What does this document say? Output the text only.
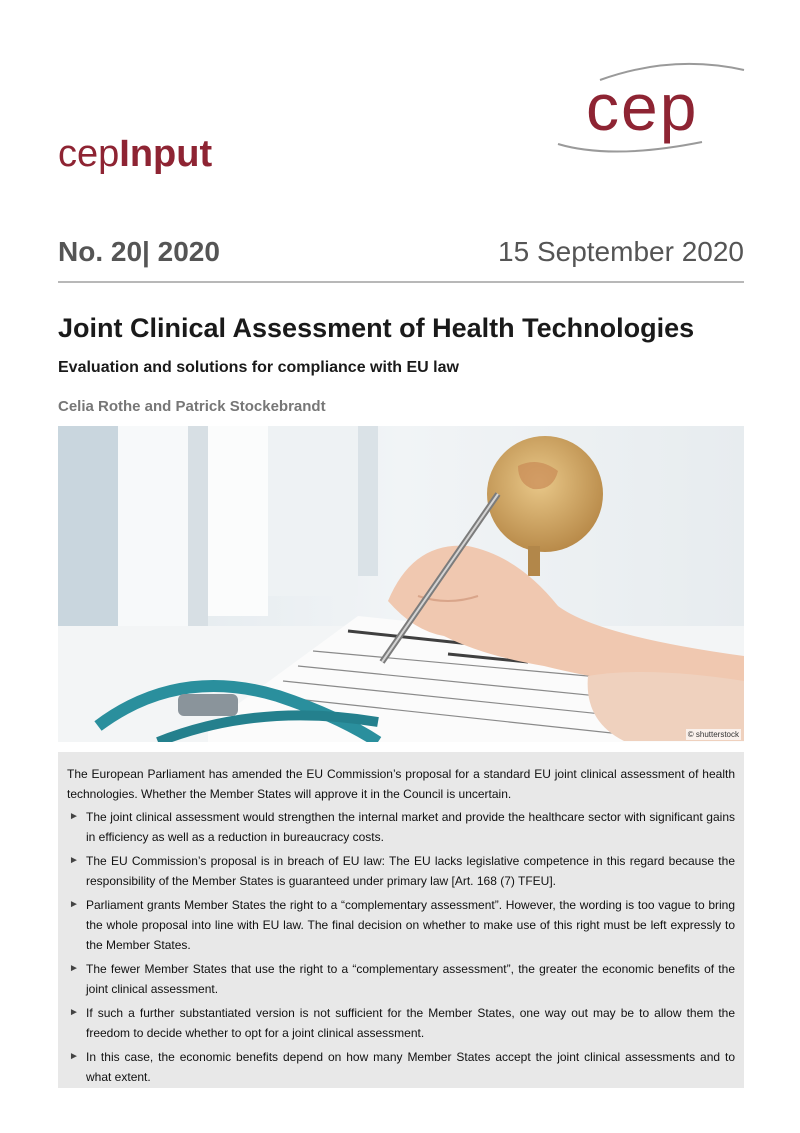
cep
cepInput
No. 20| 2020	15 September 2020
Joint Clinical Assessment of Health Technologies
Evaluation and solutions for compliance with EU law
Celia Rothe and Patrick Stockebrandt
© shutterstock

The European Parliament has amended the EU Commission’s proposal for a standard EU joint clinical assessment of health technologies. Whether the Member States will approve it in the Council is uncertain.

► The joint clinical assessment would strengthen the internal market and provide the healthcare sector with significant gains in efficiency as well as a reduction in bureaucracy costs.
► The EU Commission’s proposal is in breach of EU law: The EU lacks legislative competence in this regard because the responsibility of the Member States is guaranteed under primary law [Art. 168 (7) TFEU].
► Parliament grants Member States the right to a “complementary assessment”. However, the wording is too vague to bring the whole proposal into line with EU law. The final decision on whether to make use of this right must be left expressly to the Member States.
► The fewer Member States that use the right to a “complementary assessment”, the greater the economic benefits of the joint clinical assessment.
► If such a further substantiated version is not sufficient for the Member States, one way out may be to allow them the freedom to decide whether to opt for a joint clinical assessment.
► In this case, the economic benefits depend on how many Member States accept the joint clinical assessments and to what extent.
